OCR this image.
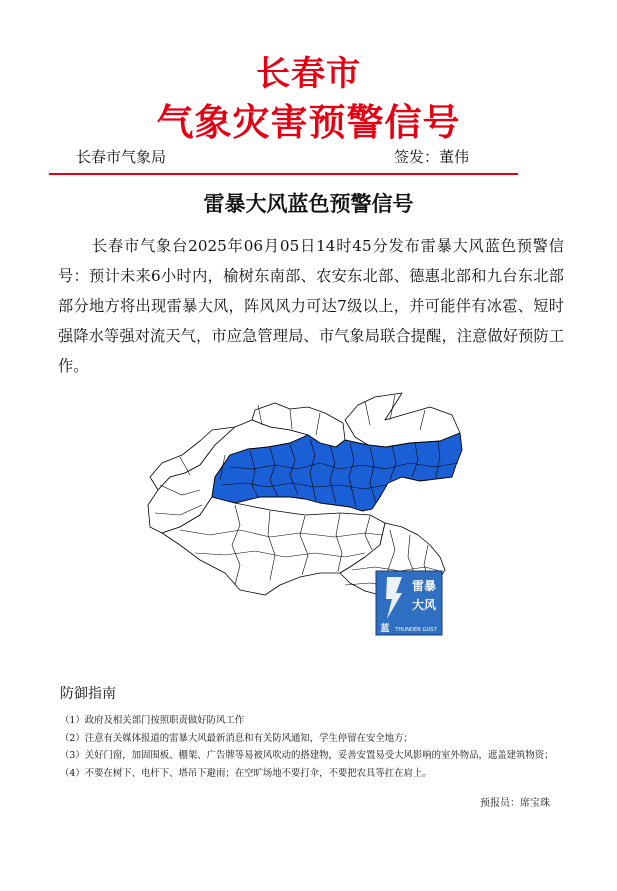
长春市
气象灾害预警信号
长春市气象局	签发：董伟
雷暴大风蓝色预警信号
长春市气象台2025年06月05日14时45分发布雷暴大风蓝色预警信号：预计未来6小时内，榆树东南部、农安东北部、德惠北部和九台东北部部分地方将出现雷暴大风，阵风风力可达7级以上，并可能伴有冰雹、短时强降水等强对流天气，市应急管理局、市气象局联合提醒，注意做好预防工作。
雷暴
大风
蓝 THUNDER GUST
防御指南
（1）政府及相关部门按照职责做好防风工作
（2）注意有关媒体报道的雷暴大风最新消息和有关防风通知，学生停留在安全地方；
（3）关好门窗，加固围板、棚架、广告牌等易被风吹动的搭建物，妥善安置易受大风影响的室外物品，遮盖建筑物资；
（4）不要在树下、电杆下、塔吊下避雨；在空旷场地不要打伞，不要把农具等扛在肩上。
预报员：席宝珠
